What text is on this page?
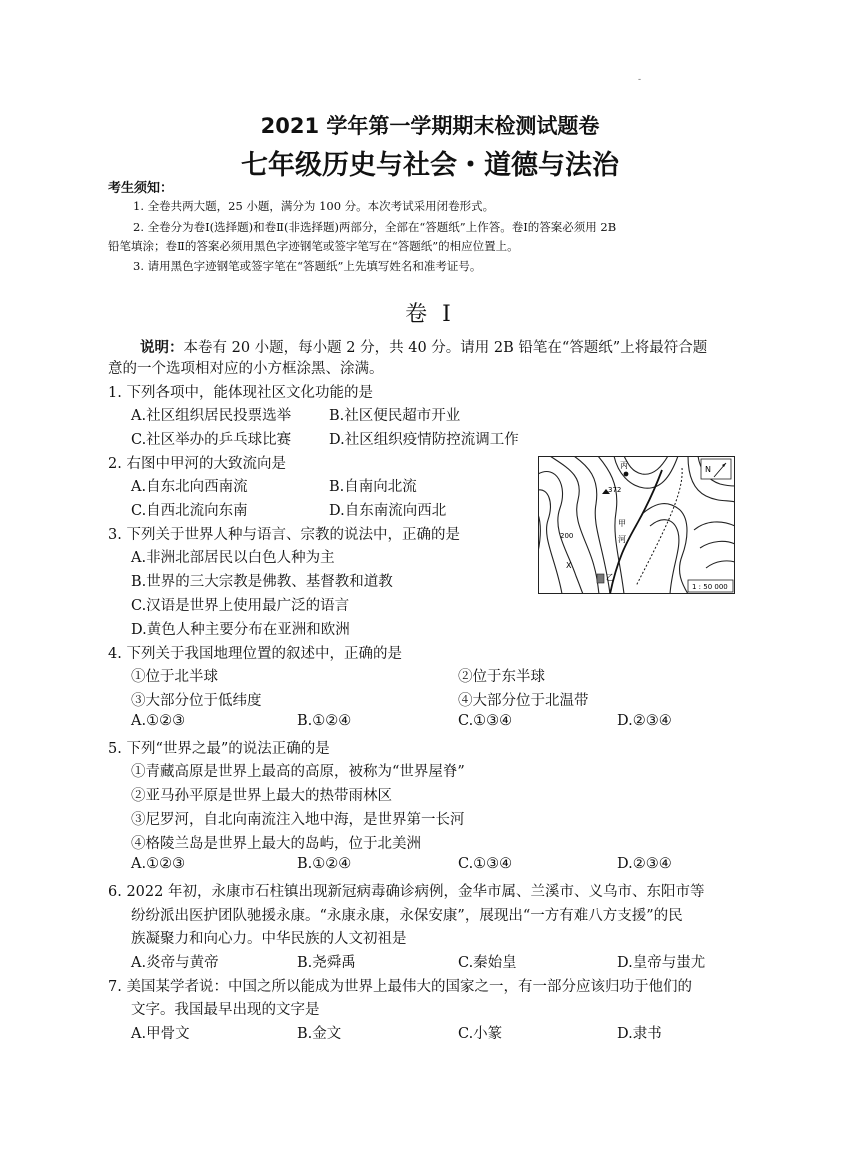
-
2021 学年第一学期期末检测试题卷
七年级历史与社会・道德与法治
考生须知：
1. 全卷共两大题，25 小题，满分为 100 分。本次考试采用闭卷形式。
2. 全卷分为卷Ⅰ(选择题)和卷Ⅱ(非选择题)两部分，全部在“答题纸”上作答。卷Ⅰ的答案必须用 2B
铅笔填涂；卷Ⅱ的答案必须用黑色字迹钢笔或签字笔写在“答题纸”的相应位置上。
3. 请用黑色字迹钢笔或签字笔在“答题纸”上先填写姓名和准考证号。
卷 Ⅰ
说明：本卷有 20 小题，每小题 2 分，共 40 分。请用 2B 铅笔在“答题纸”上将最符合题
意的一个选项相对应的小方框涂黑、涂满。
1. 下列各项中，能体现社区文化功能的是
A.社区组织居民投票选举	B.社区便民超市开业
C.社区举办的乒乓球比赛	D.社区组织疫情防控流调工作
2. 右图中甲河的大致流向是
A.自东北向西南流	B.自南向北流
C.自西北流向东南	D.自东南流向西北
3. 下列关于世界人种与语言、宗教的说法中，正确的是
A.非洲北部居民以白色人种为主
B.世界的三大宗教是佛教、基督教和道教
C.汉语是世界上使用最广泛的语言
D.黄色人种主要分布在亚洲和欧洲
4. 下列关于我国地理位置的叙述中，正确的是
①位于北半球	②位于东半球
③大部分位于低纬度	④大部分位于北温带
A.①②③	B.①②④	C.①③④	D.②③④
5. 下列“世界之最”的说法正确的是
①青藏高原是世界上最高的高原，被称为“世界屋脊”
②亚马孙平原是世界上最大的热带雨林区
③尼罗河，自北向南流注入地中海，是世界第一长河
④格陵兰岛是世界上最大的岛屿，位于北美洲
A.①②③	B.①②④	C.①③④	D.②③④
6. 2022 年初，永康市石柱镇出现新冠病毒确诊病例，金华市属、兰溪市、义乌市、东阳市等
纷纷派出医护团队驰援永康。“永康永康，永保安康”，展现出“一方有难八方支援”的民
族凝聚力和向心力。中华民族的人文初祖是
A.炎帝与黄帝	B.尧舜禹	C.秦始皇	D.皇帝与蚩尤
7. 美国某学者说：中国之所以能成为世界上最伟大的国家之一，有一部分应该归功于他们的
文字。我国最早出现的文字是
A.甲骨文	B.金文	C.小篆	D.隶书
丙
372
甲
河
200
X
乙
N
1 : 50 000
